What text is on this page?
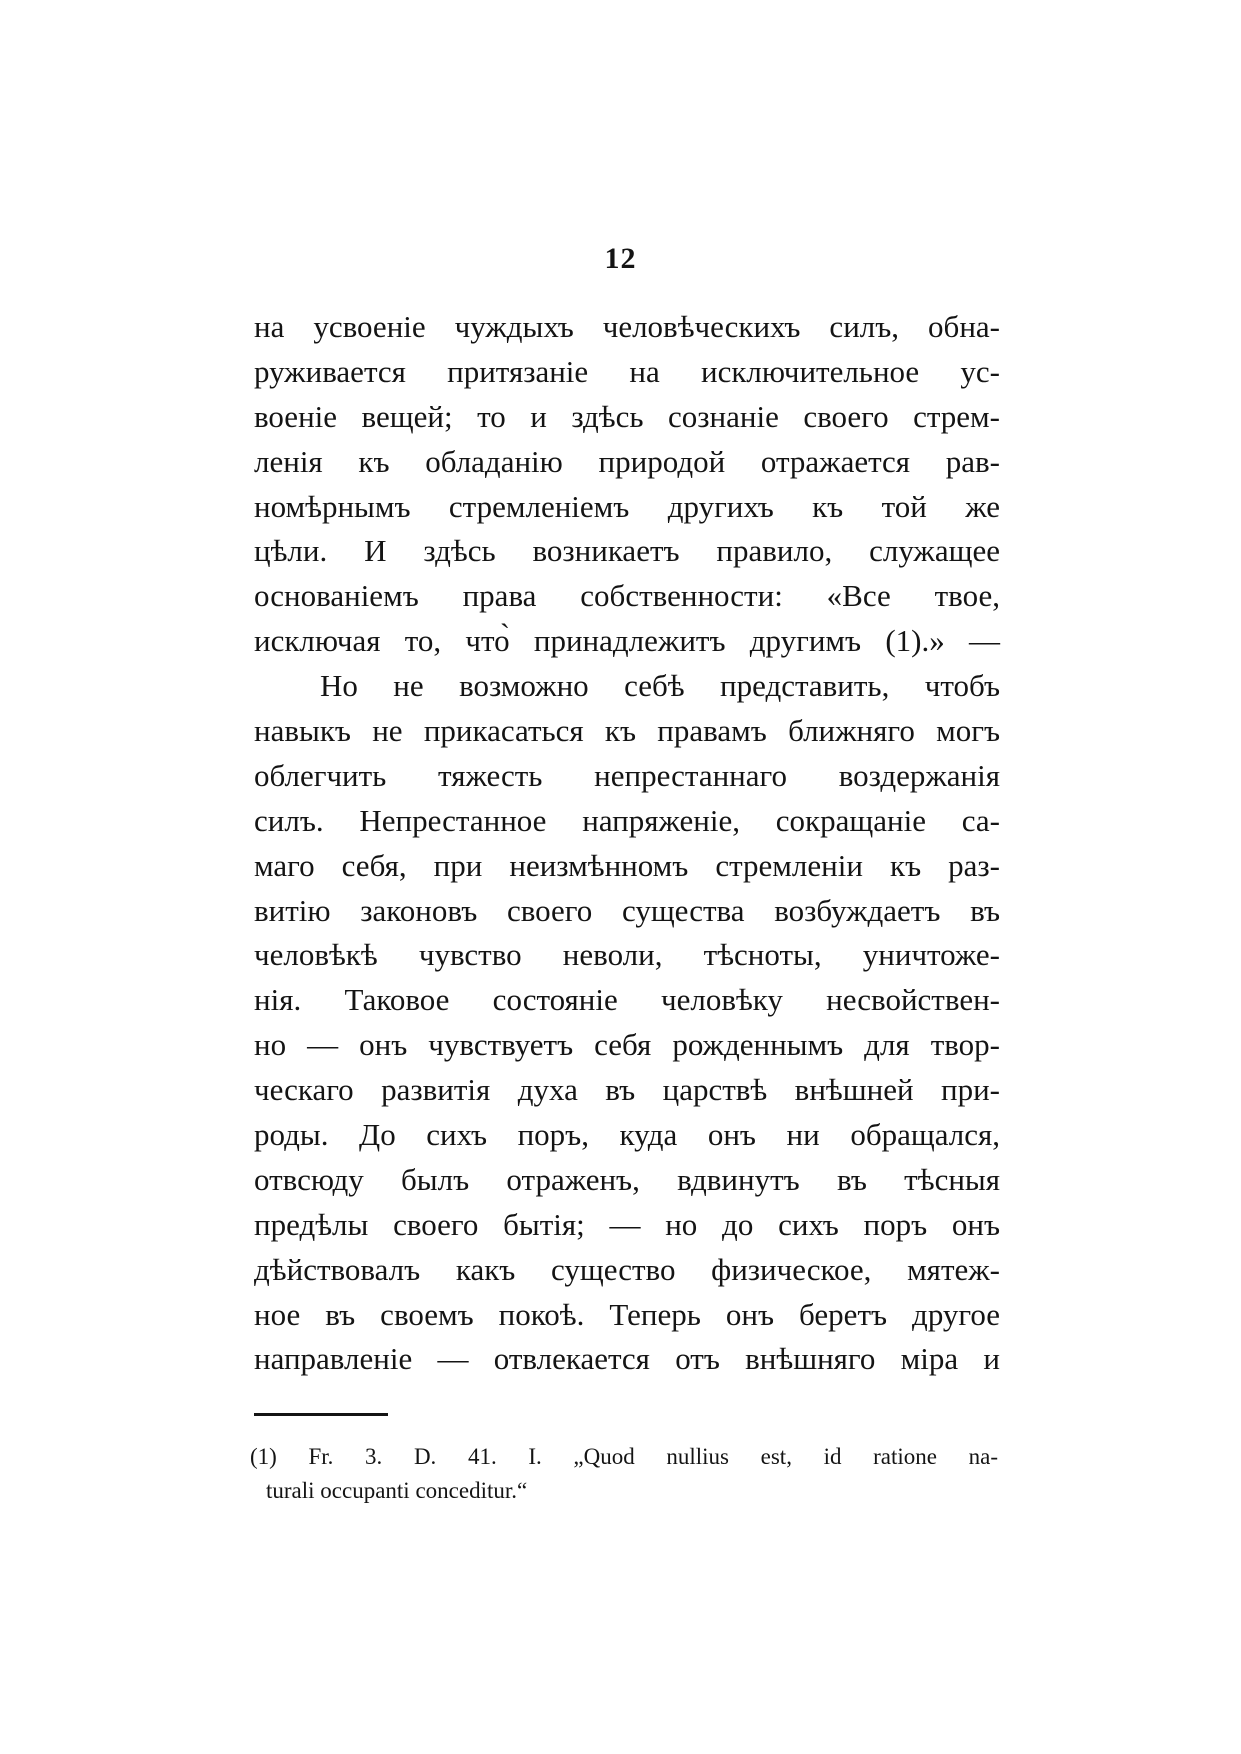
12
на усвоеніе чуждыхъ человѣческихъ силъ, обна-
руживается притязаніе на исключительное ус-
военіе вещей; то и здѣсь сознаніе своего стрем-
ленія къ обладанію природой отражается рав-
номѣрнымъ стремленіемъ другихъ къ той же
цѣли. И здѣсь возникаетъ правило, служащее
основаніемъ права собственности: «Все твое,
исключая то, что̀ принадлежитъ другимъ (1).» —
Но не возможно себѣ представить, чтобъ
навыкъ не прикасаться къ правамъ ближняго могъ
облегчить тяжесть непрестаннаго воздержанія
силъ. Непрестанное напряженіе, сокращаніе са-
маго себя, при неизмѣнномъ стремленіи къ раз-
витію законовъ своего существа возбуждаетъ въ
человѣкѣ чувство неволи, тѣсноты, уничтоже-
нія. Таковое состояніе человѣку несвойствен-
но — онъ чувствуетъ себя рожденнымъ для твор-
ческаго развитія духа въ царствѣ внѣшней при-
роды. До сихъ поръ, куда онъ ни обращался,
отвсюду былъ отраженъ, вдвинутъ въ тѣсныя
предѣлы своего бытія; — но до сихъ поръ онъ
дѣйствовалъ какъ существо физическое, мятеж-
ное въ своемъ покоѣ. Теперь онъ беретъ другое
направленіе — отвлекается отъ внѣшняго міра и
(1) Fr. 3. D. 41. I. „Quod nullius est, id ratione na-
turali occupanti conceditur.“
